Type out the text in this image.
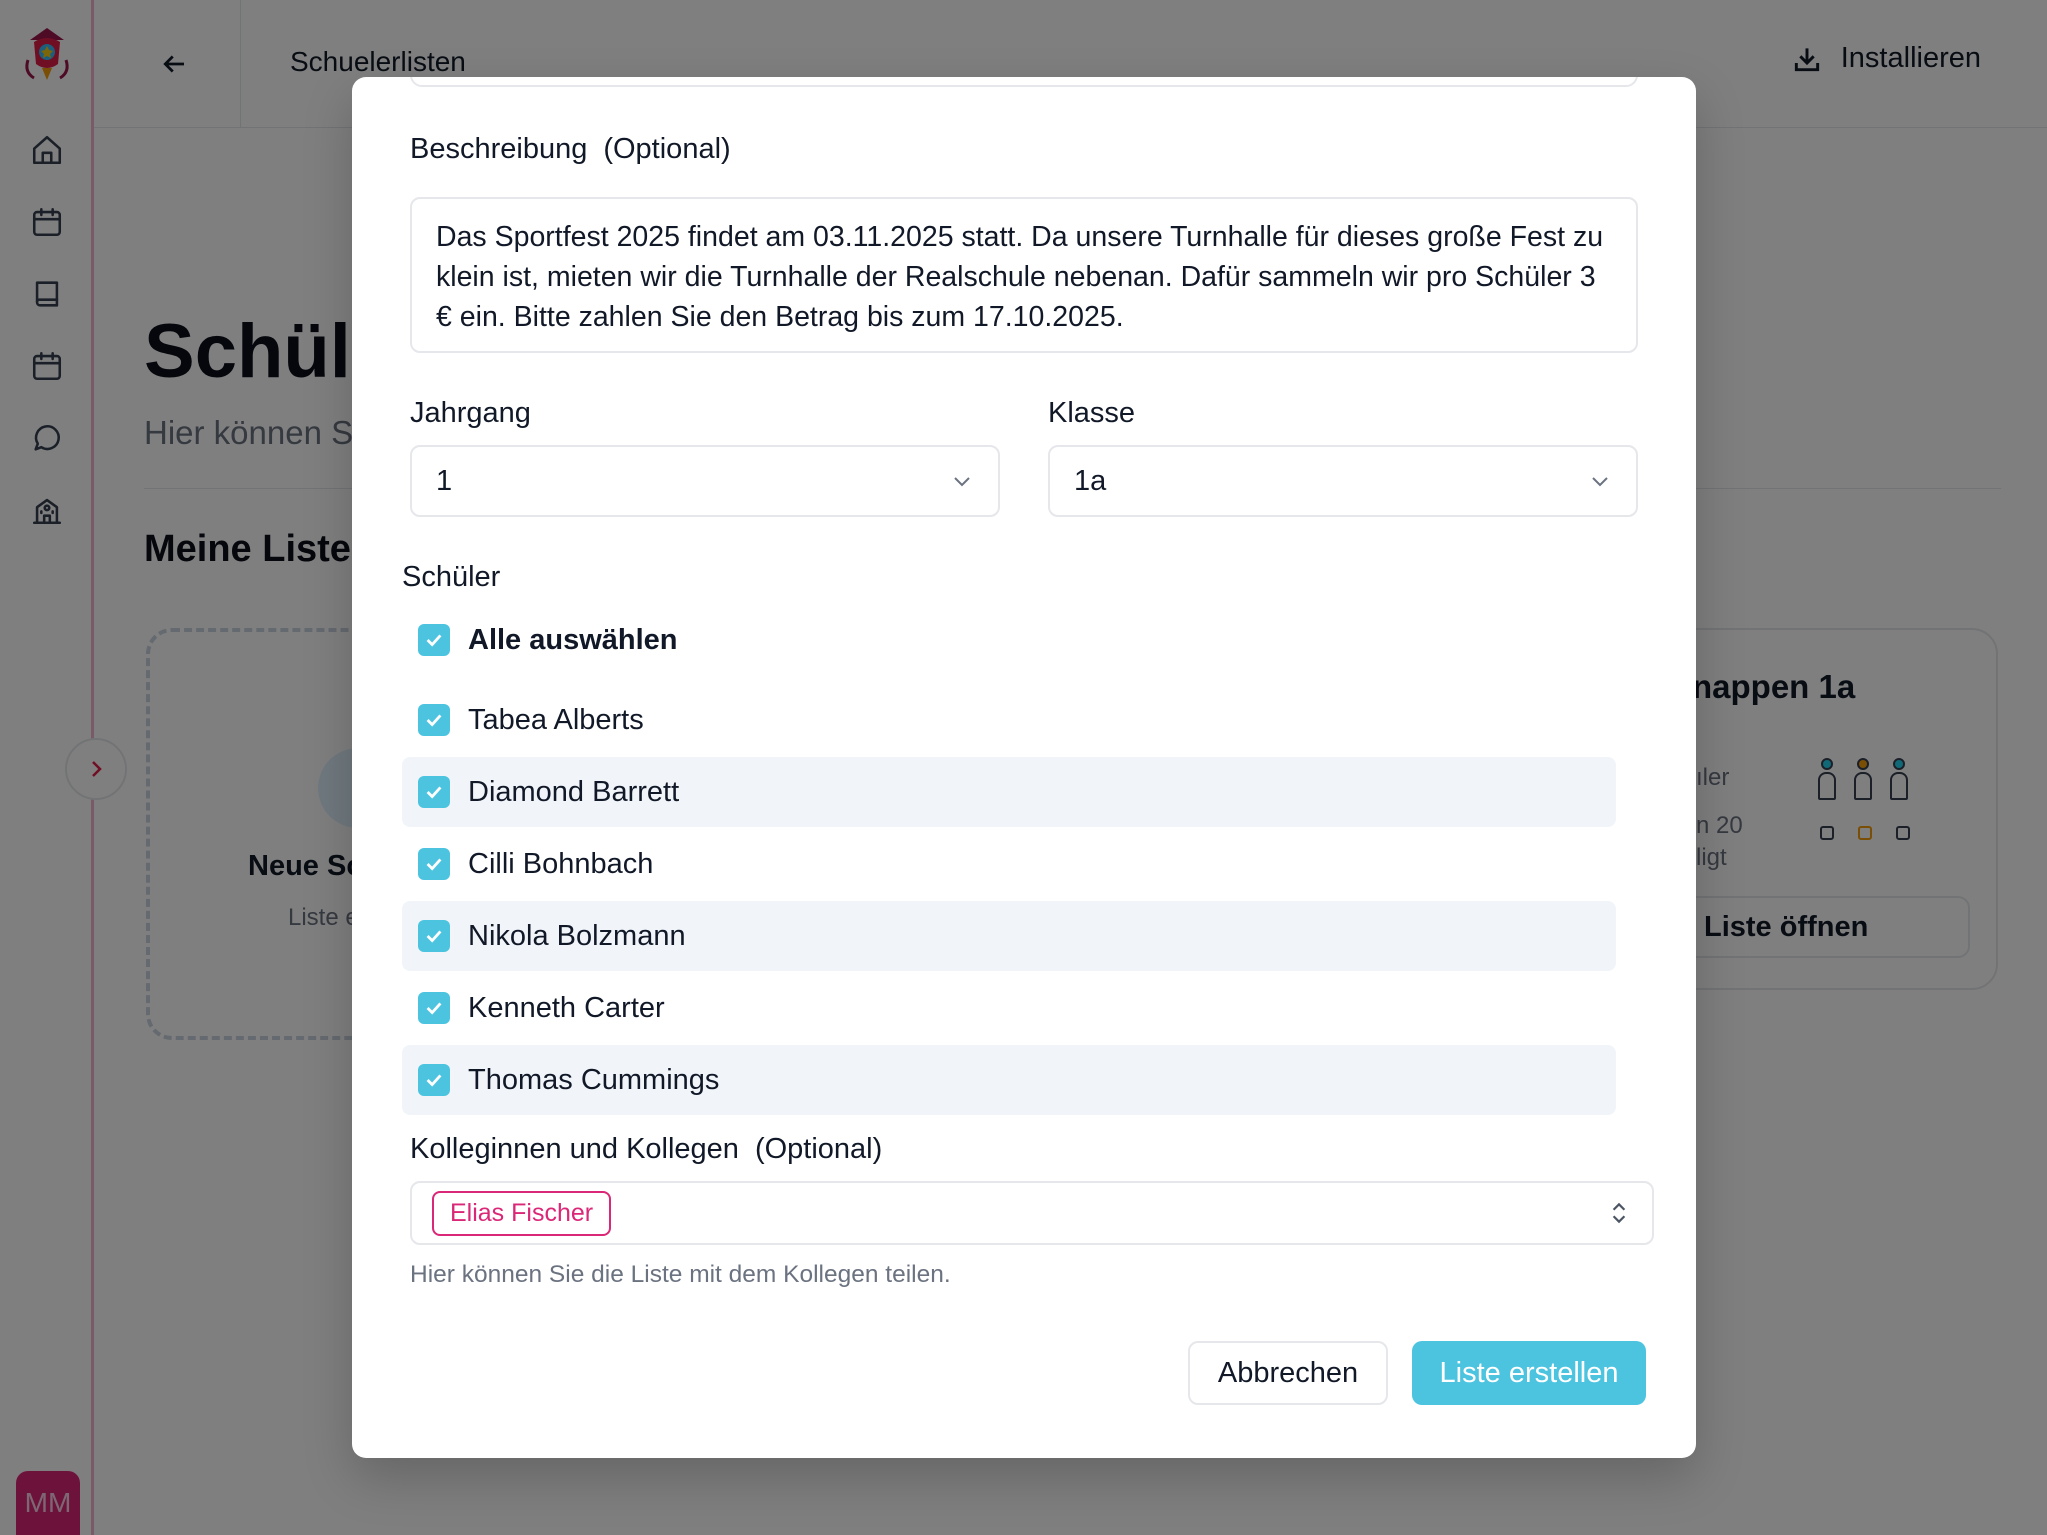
Beschreibung (Optional)
Das Sportfest 2025 findet am 03.11.2025 statt. Da unsere Turnhalle für dieses große Fest zu klein ist, mieten wir die Turnhalle der Realschule nebenan. Dafür sammeln wir pro Schüler 3 € ein. Bitte zahlen Sie den Betrag bis zum 17.10.2025.
Jahrgang
1
Klasse
1a
Schüler
Alle auswählen
Tabea Alberts
Diamond Barrett
Cilli Bohnbach
Nikola Bolzmann
Kenneth Carter
Thomas Cummings
Kolleginnen und Kollegen (Optional)
Elias Fischer
Hier können Sie die Liste mit dem Kollegen teilen.
Abbrechen	Liste erstellen
